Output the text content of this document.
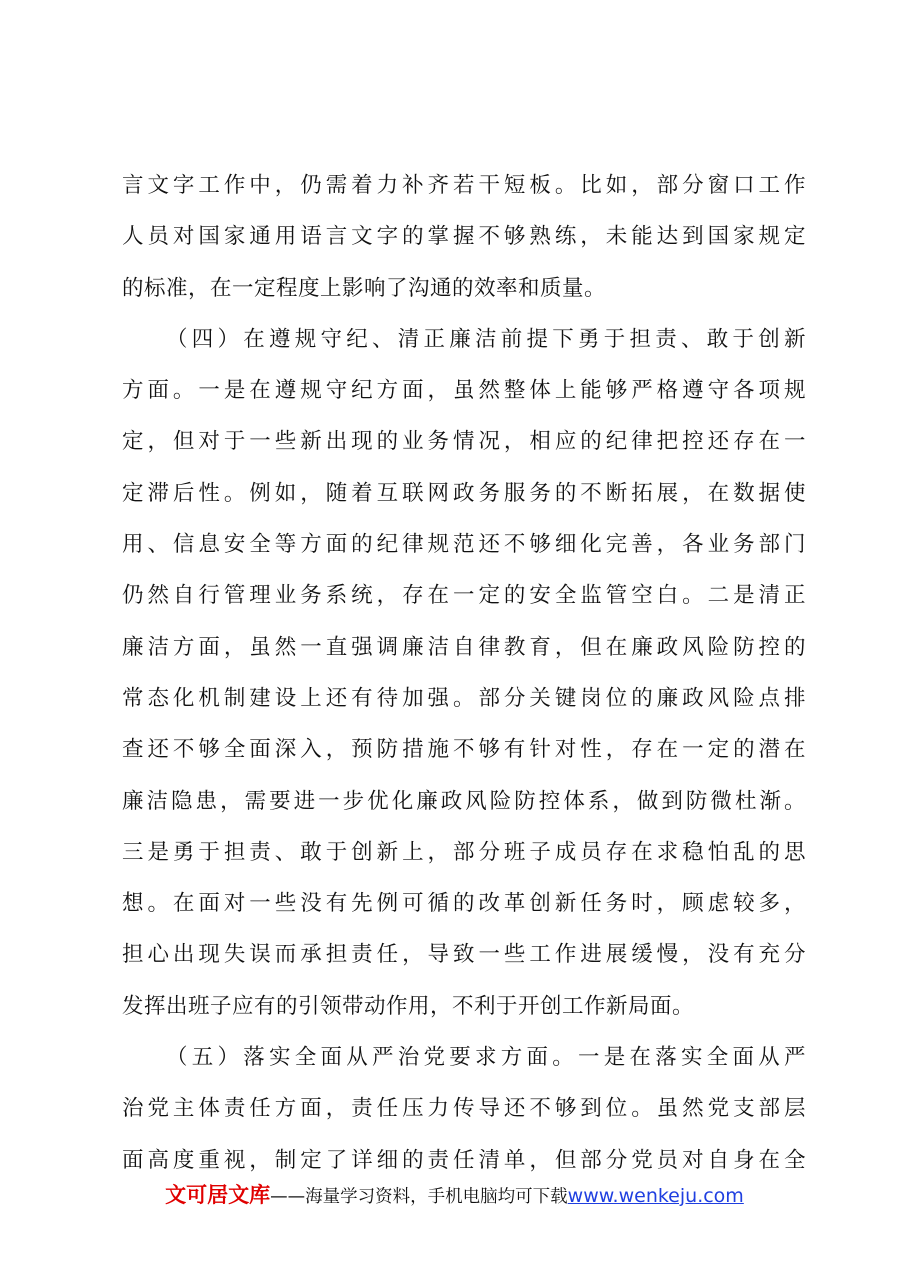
言文字工作中，仍需着力补齐若干短板。比如，部分窗口工作
人员对国家通用语言文字的掌握不够熟练，未能达到国家规定
的标准，在一定程度上影响了沟通的效率和质量。
（四）在遵规守纪、清正廉洁前提下勇于担责、敢于创新
方面。一是在遵规守纪方面，虽然整体上能够严格遵守各项规
定，但对于一些新出现的业务情况，相应的纪律把控还存在一
定滞后性。例如，随着互联网政务服务的不断拓展，在数据使
用、信息安全等方面的纪律规范还不够细化完善，各业务部门
仍然自行管理业务系统，存在一定的安全监管空白。二是清正
廉洁方面，虽然一直强调廉洁自律教育，但在廉政风险防控的
常态化机制建设上还有待加强。部分关键岗位的廉政风险点排
查还不够全面深入，预防措施不够有针对性，存在一定的潜在
廉洁隐患，需要进一步优化廉政风险防控体系，做到防微杜渐。
三是勇于担责、敢于创新上，部分班子成员存在求稳怕乱的思
想。在面对一些没有先例可循的改革创新任务时，顾虑较多，
担心出现失误而承担责任，导致一些工作进展缓慢，没有充分
发挥出班子应有的引领带动作用，不利于开创工作新局面。
（五）落实全面从严治党要求方面。一是在落实全面从严
治党主体责任方面，责任压力传导还不够到位。虽然党支部层
面高度重视，制定了详细的责任清单，但部分党员对自身在全
文可居文库——海量学习资料，手机电脑均可下载www.wenkeju.com
